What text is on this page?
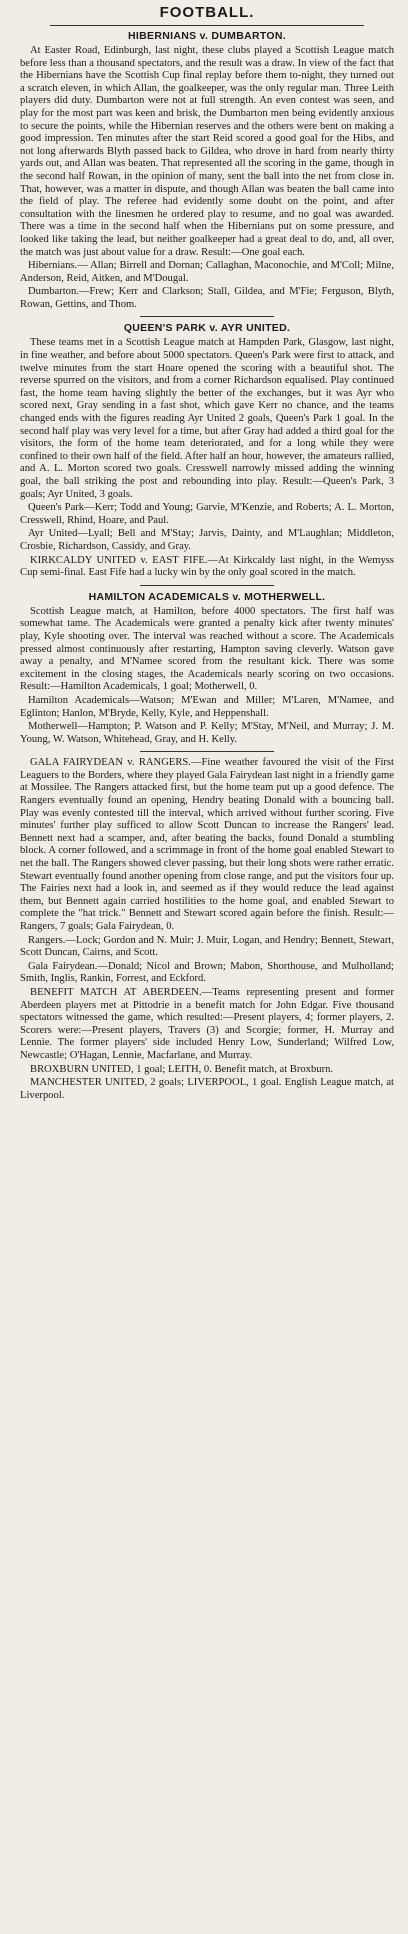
FOOTBALL.
HIBERNIANS v. DUMBARTON.

At Easter Road, Edinburgh, last night, these clubs played a Scottish League match before less than a thousand spectators, and the result was a draw. In view of the fact that the Hibernians have the Scottish Cup final replay before them to-night, they turned out a scratch eleven, in which Allan, the goalkeeper, was the only regular man. Three Leith players did duty. Dumbarton were not at full strength. An even contest was seen, and play for the most part was keen and brisk, the Dumbarton men being evidently anxious to secure the points, while the Hibernian reserves and the others were bent on making a good impression. Ten minutes after the start Reid scored a good goal for the Hibs, and not long afterwards Blyth passed back to Gildea, who drove in hard from nearly thirty yards out, and Allan was beaten. That represented all the scoring in the game, though in the second half Rowan, in the opinion of many, sent the ball into the net from close in. That, however, was a matter in dispute, and though Allan was beaten the ball came into the field of play. The referee had evidently some doubt on the point, and after consultation with the linesmen he ordered play to resume, and no goal was awarded. There was a time in the second half when the Hibernians put on some pressure, and looked like taking the lead, but neither goalkeeper had a great deal to do, and, all over, the match was just about value for a draw. Result:—One goal each.

Hibernians.— Allan; Birrell and Dornan; Callaghan, Maconochie, and M'Coll; Milne, Anderson, Reid, Aitken, and M'Dougal.

Dumbarton.—Frew; Kerr and Clarkson; Stall, Gildea, and M'Fie; Ferguson, Blyth, Rowan, Gettins, and Thom.

QUEEN'S PARK v. AYR UNITED.

These teams met in a Scottish League match at Hampden Park, Glasgow, last night, in fine weather, and before about 5000 spectators. Queen's Park were first to attack, and twelve minutes from the start Hoare opened the scoring with a beautiful shot. The reverse spurred on the visitors, and from a corner Richardson equalised. Play continued fast, the home team having slightly the better of the exchanges, but it was Ayr who scored next, Gray sending in a fast shot, which gave Kerr no chance, and the teams changed ends with the figures reading Ayr United 2 goals, Queen's Park 1 goal. In the second half play was very level for a time, but after Gray had added a third goal for the visitors, the form of the home team deteriorated, and for a long while they were confined to their own half of the field. After half an hour, however, the amateurs rallied, and A. L. Morton scored two goals. Cresswell narrowly missed adding the winning goal, the ball striking the post and rebounding into play. Result:—Queen's Park, 3 goals; Ayr United, 3 goals.

Queen's Park—Kerr; Todd and Young; Garvie, M'Kenzie, and Roberts; A. L. Morton, Cresswell, Rhind, Hoare, and Paul.

Ayr United—Lyall; Bell and M'Stay; Jarvis, Dainty, and M'Laughlan; Middleton, Crosbie, Richardson, Cassidy, and Gray.

KIRKCALDY UNITED v. EAST FIFE.—At Kirkcaldy last night, in the Wemyss Cup semi-final. East Fife had a lucky win by the only goal scored in the match.

HAMILTON ACADEMICALS v. MOTHERWELL.

Scottish League match, at Hamilton, before 4000 spectators. The first half was somewhat tame. The Academicals were granted a penalty kick after twenty minutes' play, Kyle shooting over. The interval was reached without a score. The Academicals pressed almost continuously after restarting, Hampton saving cleverly. Watson gave away a penalty, and M'Namee scored from the resultant kick. There was some excitement in the closing stages, the Academicals nearly scoring on two occasions. Result:—Hamilton Academicals, 1 goal; Motherwell, 0.

Hamilton Academicals—Watson; M'Ewan and Miller; M'Laren, M'Namee, and Eglinton; Hanlon, M'Bryde, Kelly, Kyle, and Heppenshall.

Motherwell—Hampton; P. Watson and P. Kelly; M'Stay, M'Neil, and Murray; J. M. Young, W. Watson, Whitehead, Gray, and H. Kelly.

GALA FAIRYDEAN v. RANGERS.—Fine weather favoured the visit of the First Leaguers to the Borders, where they played Gala Fairydean last night in a friendly game at Mossilee. The Rangers attacked first, but the home team put up a good defence. The Rangers eventually found an opening, Hendry beating Donald with a bouncing ball. Play was evenly contested till the interval, which arrived without further scoring. Five minutes' further play sufficed to allow Scott Duncan to increase the Rangers' lead. Bennett next had a scamper, and, after beating the backs, found Donald a stumbling block. A corner followed, and a scrimmage in front of the home goal enabled Stewart to net the ball. The Rangers showed clever passing, but their long shots were rather erratic. Stewart eventually found another opening from close range, and put the visitors four up. The Fairies next had a look in, and seemed as if they would reduce the lead against them, but Bennett again carried hostilities to the home goal, and enabled Stewart to complete the "hat trick." Bennett and Stewart scored again before the finish. Result:—Rangers, 7 goals; Gala Fairydean, 0.

Rangers.—Lock; Gordon and N. Muir; J. Muir, Logan, and Hendry; Bennett, Stewart, Scott Duncan, Cairns, and Scott.

Gala Fairydean.—Donald; Nicol and Brown; Mabon, Shorthouse, and Mulholland; Smith, Inglis, Rankin, Forrest, and Eckford.

BENEFIT MATCH AT ABERDEEN.—Teams representing present and former Aberdeen players met at Pittodrie in a benefit match for John Edgar. Five thousand spectators witnessed the game, which resulted:—Present players, 4; former players, 2. Scorers were:—Present players, Travers (3) and Scorgie; former, H. Murray and Lennie. The former players' side included Henry Low, Sunderland; Wilfred Low, Newcastle; O'Hagan, Lennie, Macfarlane, and Murray.

BROXBURN UNITED, 1 goal; LEITH, 0. Benefit match, at Broxburn.

MANCHESTER UNITED, 2 goals; LIVERPOOL, 1 goal. English League match, at Liverpool.
